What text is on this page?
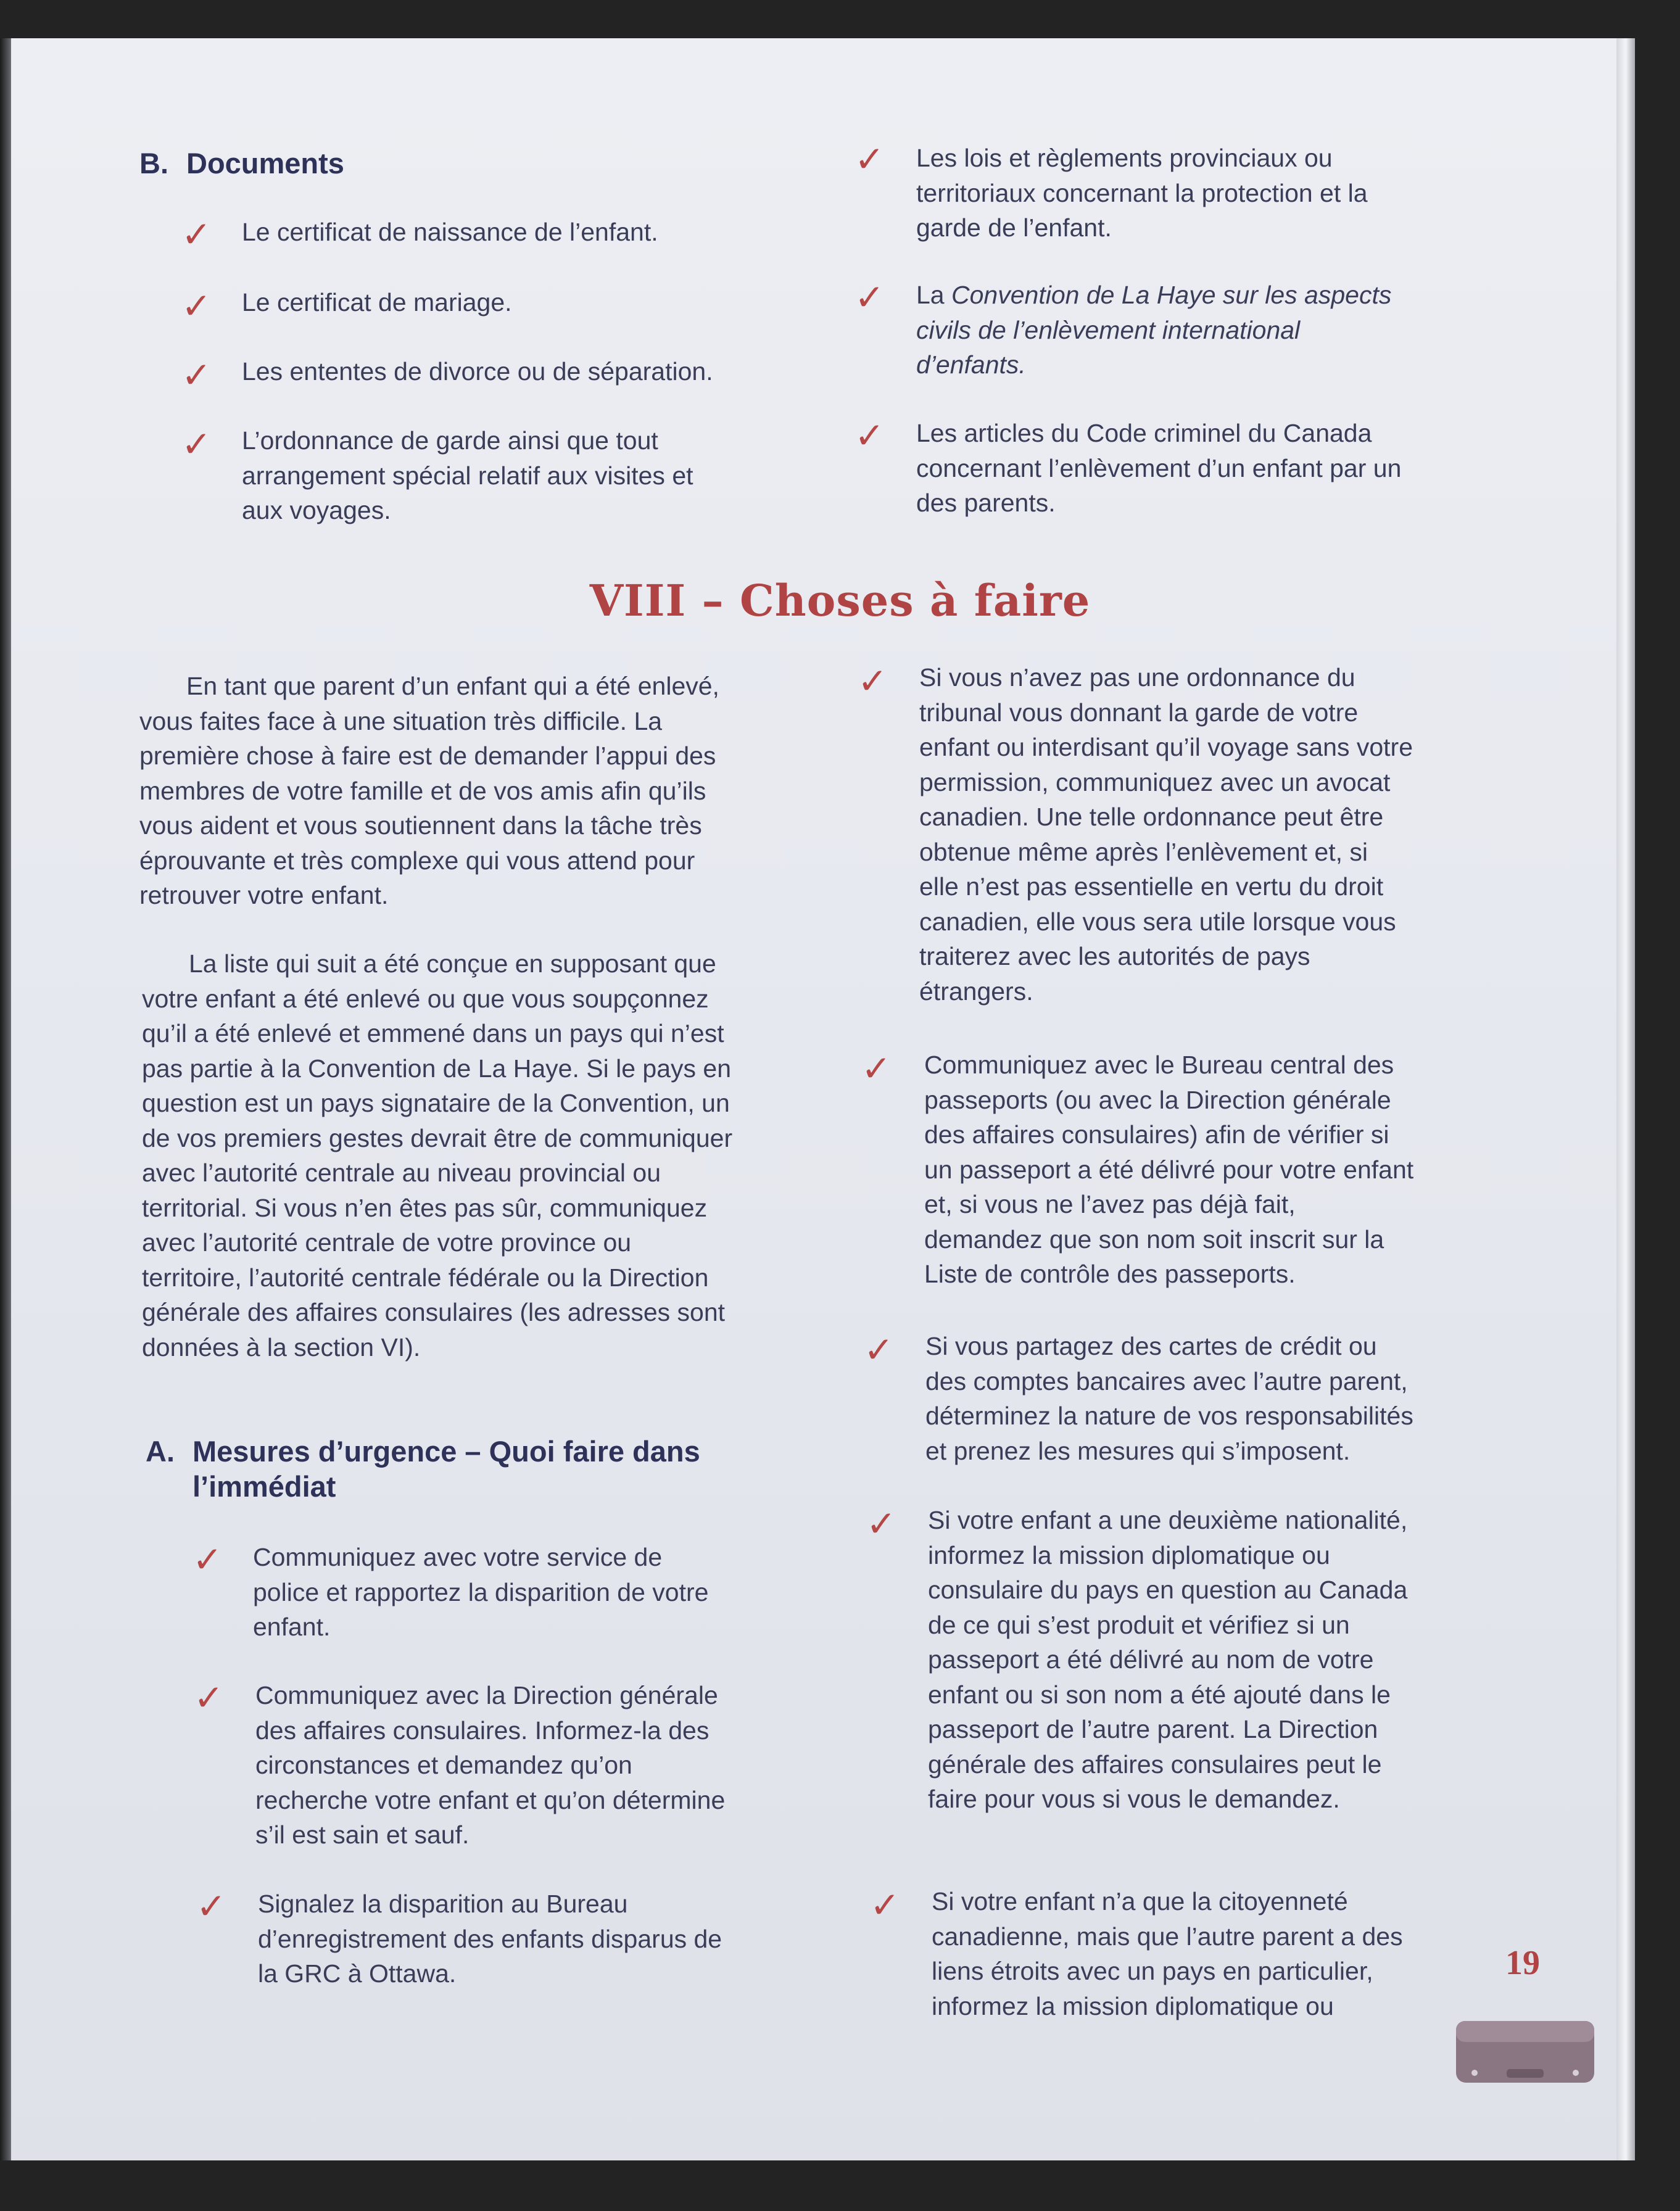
B. Documents
✓ Le certificat de naissance de l’enfant.
✓ Le certificat de mariage.
✓ Les ententes de divorce ou de séparation.
✓ L’ordonnance de garde ainsi que tout arrangement spécial relatif aux visites et aux voyages.
✓ Les lois et règlements provinciaux ou territoriaux concernant la protection et la garde de l’enfant.
✓ La Convention de La Haye sur les aspects civils de l’enlèvement international d’enfants.
✓ Les articles du Code criminel du Canada concernant l’enlèvement d’un enfant par un des parents.
VIII – Choses à faire
En tant que parent d’un enfant qui a été enlevé, vous faites face à une situation très difficile. La première chose à faire est de demander l’appui des membres de votre famille et de vos amis afin qu’ils vous aident et vous soutiennent dans la tâche très éprouvante et très complexe qui vous attend pour retrouver votre enfant.
La liste qui suit a été conçue en supposant que votre enfant a été enlevé ou que vous soupçonnez qu’il a été enlevé et emmené dans un pays qui n’est pas partie à la Convention de La Haye. Si le pays en question est un pays signataire de la Convention, un de vos premiers gestes devrait être de communiquer avec l’autorité centrale au niveau provincial ou territorial. Si vous n’en êtes pas sûr, communiquez avec l’autorité centrale de votre province ou territoire, l’autorité centrale fédérale ou la Direction générale des affaires consulaires (les adresses sont données à la section VI).
A. Mesures d’urgence – Quoi faire dans
l’immédiat
✓ Communiquez avec votre service de police et rapportez la disparition de votre enfant.
✓ Communiquez avec la Direction générale des affaires consulaires. Informez-la des circonstances et demandez qu’on recherche votre enfant et qu’on détermine s’il est sain et sauf.
✓ Signalez la disparition au Bureau d’enregistrement des enfants disparus de la GRC à Ottawa.
✓ Si vous n’avez pas une ordonnance du tribunal vous donnant la garde de votre enfant ou interdisant qu’il voyage sans votre permission, communiquez avec un avocat canadien. Une telle ordonnance peut être obtenue même après l’enlèvement et, si elle n’est pas essentielle en vertu du droit canadien, elle vous sera utile lorsque vous traiterez avec les autorités de pays étrangers.
✓ Communiquez avec le Bureau central des passeports (ou avec la Direction générale des affaires consulaires) afin de vérifier si un passeport a été délivré pour votre enfant et, si vous ne l’avez pas déjà fait, demandez que son nom soit inscrit sur la Liste de contrôle des passeports.
✓ Si vous partagez des cartes de crédit ou des comptes bancaires avec l’autre parent, déterminez la nature de vos responsabilités et prenez les mesures qui s’imposent.
✓ Si votre enfant a une deuxième nationalité, informez la mission diplomatique ou consulaire du pays en question au Canada de ce qui s’est produit et vérifiez si un passeport a été délivré au nom de votre enfant ou si son nom a été ajouté dans le passeport de l’autre parent. La Direction générale des affaires consulaires peut le faire pour vous si vous le demandez.
✓ Si votre enfant n’a que la citoyenneté canadienne, mais que l’autre parent a des liens étroits avec un pays en particulier, informez la mission diplomatique ou
19
